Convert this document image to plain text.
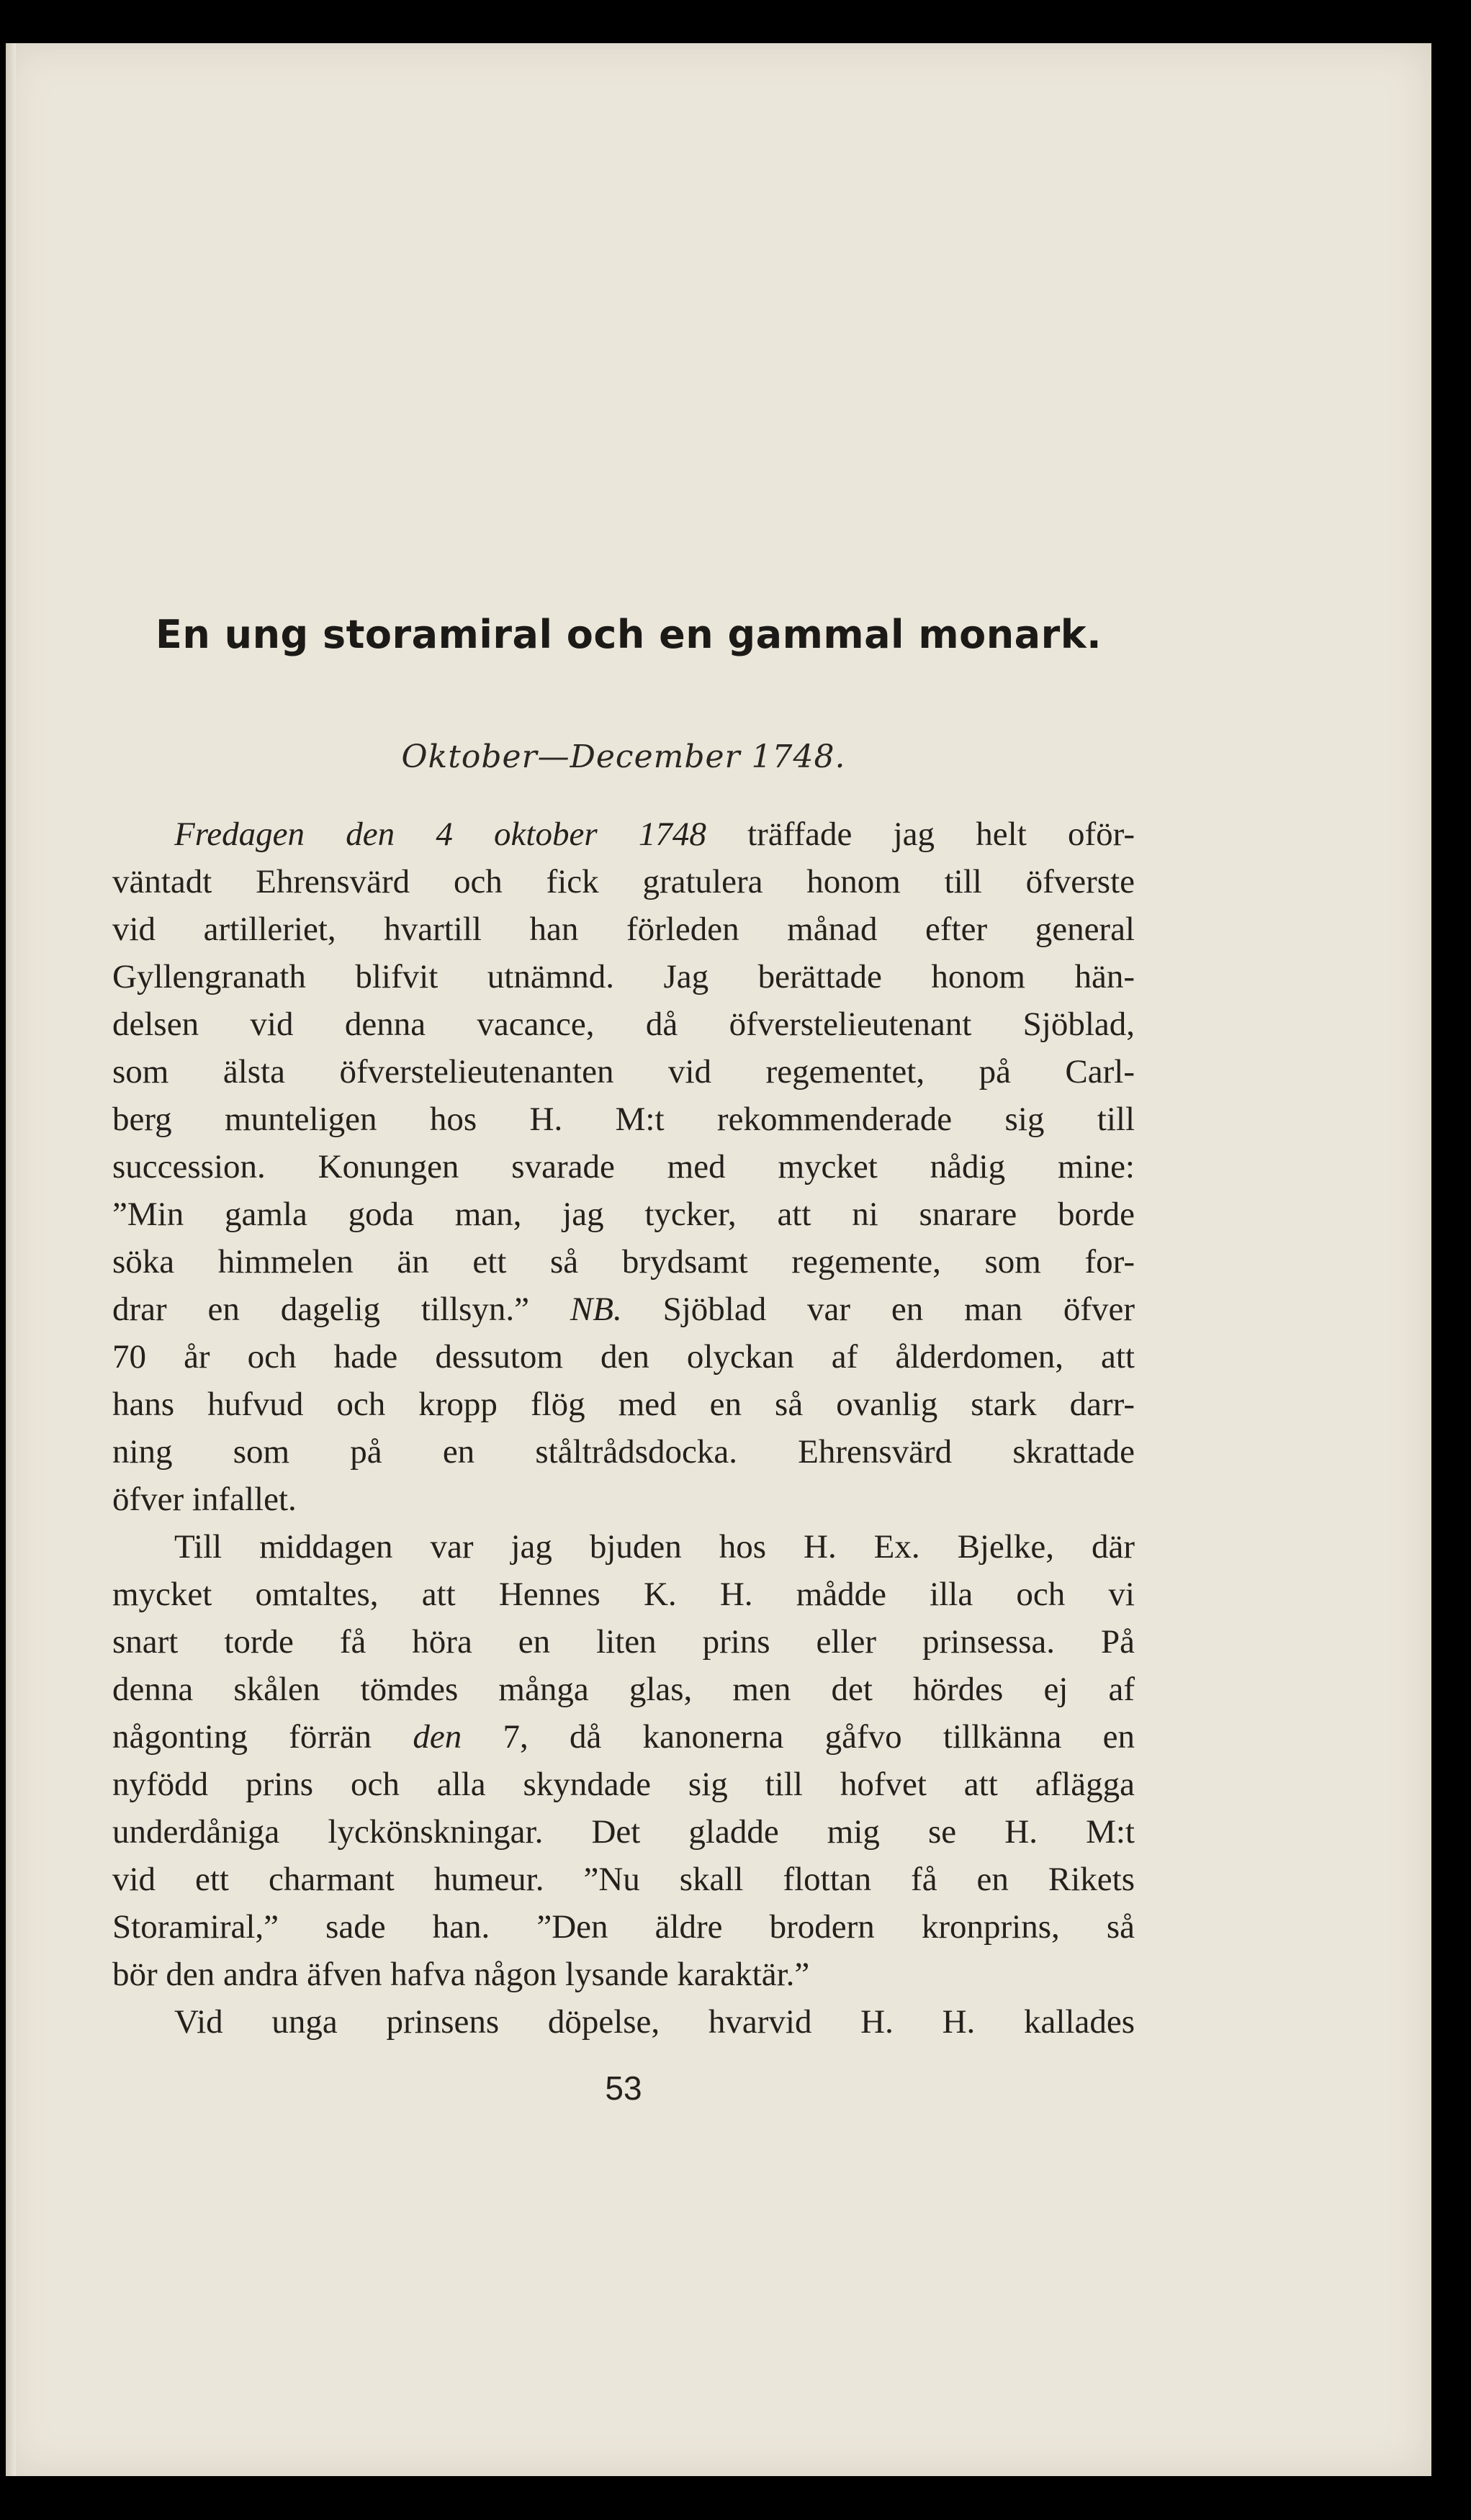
En ung storamiral och en gammal monark.
Oktober—December 1748.
Fredagen den 4 oktober 1748 träffade jag helt oför-
väntadt Ehrensvärd och fick gratulera honom till öfverste
vid artilleriet, hvartill han förleden månad efter general
Gyllengranath blifvit utnämnd. Jag berättade honom hän-
delsen vid denna vacance, då öfverstelieutenant Sjöblad,
som älsta öfverstelieutenanten vid regementet, på Carl-
berg munteligen hos H. M:t rekommenderade sig till
succession. Konungen svarade med mycket nådig mine:
”Min gamla goda man, jag tycker, att ni snarare borde
söka himmelen än ett så brydsamt regemente, som for-
drar en dagelig tillsyn.” NB. Sjöblad var en man öfver
70 år och hade dessutom den olyckan af ålderdomen, att
hans hufvud och kropp flög med en så ovanlig stark darr-
ning som på en ståltrådsdocka. Ehrensvärd skrattade
öfver infallet.
Till middagen var jag bjuden hos H. Ex. Bjelke, där
mycket omtaltes, att Hennes K. H. mådde illa och vi
snart torde få höra en liten prins eller prinsessa. På
denna skålen tömdes många glas, men det hördes ej af
någonting förrän den 7, då kanonerna gåfvo tillkänna en
nyfödd prins och alla skyndade sig till hofvet att aflägga
underdåniga lyckönskningar. Det gladde mig se H. M:t
vid ett charmant humeur. ”Nu skall flottan få en Rikets
Storamiral,” sade han. ”Den äldre brodern kronprins, så
bör den andra äfven hafva någon lysande karaktär.”
Vid unga prinsens döpelse, hvarvid H. H. kallades
53
